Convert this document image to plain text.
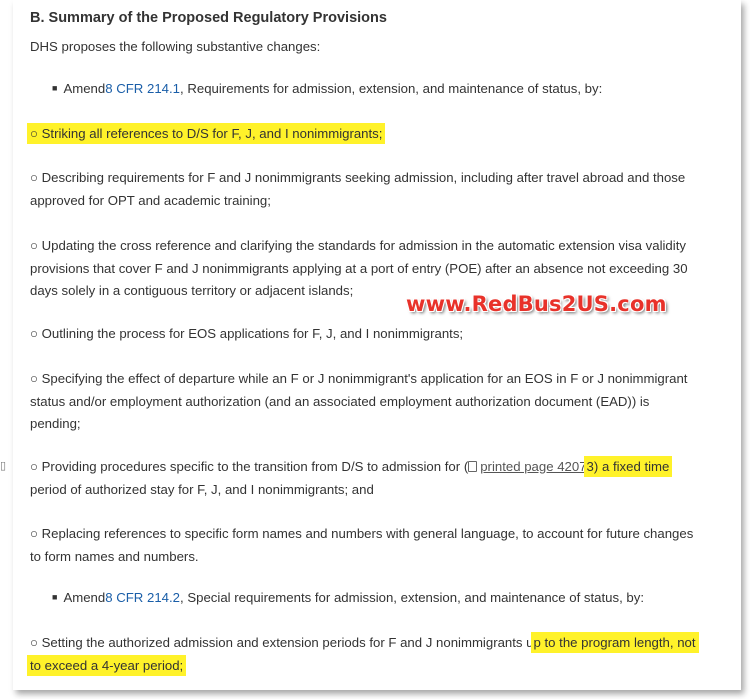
▯
B. Summary of the Proposed Regulatory Provisions

DHS proposes the following substantive changes:

■ Amend8 CFR 214.1, Requirements for admission, extension, and maintenance of status, by:

○ Striking all references to D/S for F, J, and I nonimmigrants;

○ Describing requirements for F and J nonimmigrants seeking admission, including after travel abroad and those
approved for OPT and academic training;

○ Updating the cross reference and clarifying the standards for admission in the automatic extension visa validity
provisions that cover F and J nonimmigrants applying at a port of entry (POE) after an absence not exceeding 30
days solely in a contiguous territory or adjacent islands;

○ Outlining the process for EOS applications for F, J, and I nonimmigrants;

○ Specifying the effect of departure while an F or J nonimmigrant's application for an EOS in F or J nonimmigrant
status and/or employment authorization (and an associated employment authorization document (EAD)) is
pending;

○ Providing procedures specific to the transition from D/S to admission for ( printed page 42073) a fixed time
period of authorized stay for F, J, and I nonimmigrants; and

○ Replacing references to specific form names and numbers with general language, to account for future changes
to form names and numbers.

■ Amend8 CFR 214.2, Special requirements for admission, extension, and maintenance of status, by:

○ Setting the authorized admission and extension periods for F and J nonimmigrants up to the program length, not
to exceed a 4-year period;

www.RedBus2US.com
